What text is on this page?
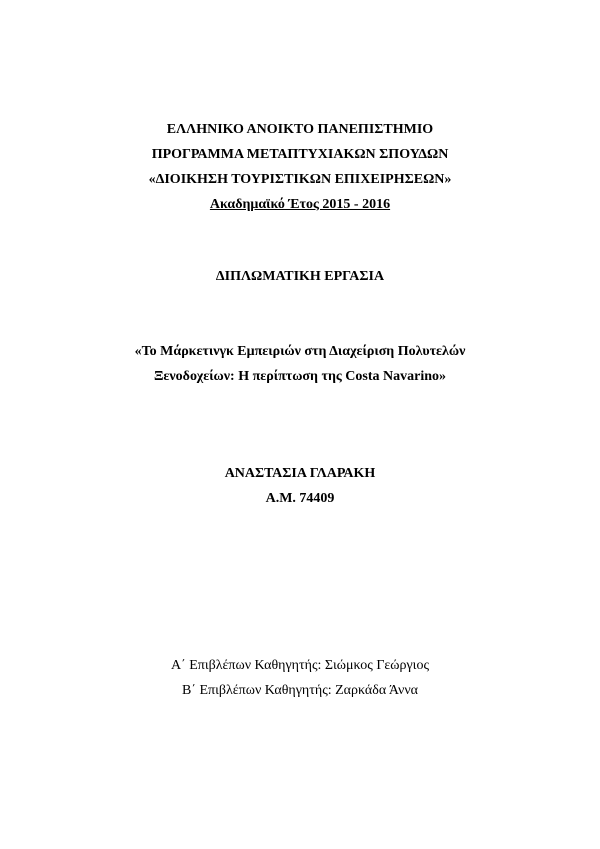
ΕΛΛΗΝΙΚΟ ΑΝΟΙΚΤΟ ΠΑΝΕΠΙΣΤΗΜΙΟ
ΠΡΟΓΡΑΜΜΑ ΜΕΤΑΠΤΥΧΙΑΚΩΝ ΣΠΟΥΔΩΝ
«ΔΙΟΙΚΗΣΗ ΤΟΥΡΙΣΤΙΚΩΝ ΕΠΙΧΕΙΡΗΣΕΩΝ»
Ακαδημαϊκό Έτος 2015 - 2016
ΔΙΠΛΩΜΑΤΙΚΗ ΕΡΓΑΣΙΑ
«Το Μάρκετινγκ Εμπειριών στη Διαχείριση Πολυτελών
Ξενοδοχείων: Η περίπτωση της Costa Navarino»
ΑΝΑΣΤΑΣΙΑ ΓΛΑΡΑΚΗ
Α.Μ. 74409
Α΄ Επιβλέπων Καθηγητής: Σιώμκος Γεώργιος
Β΄ Επιβλέπων Καθηγητής: Ζαρκάδα Άννα
